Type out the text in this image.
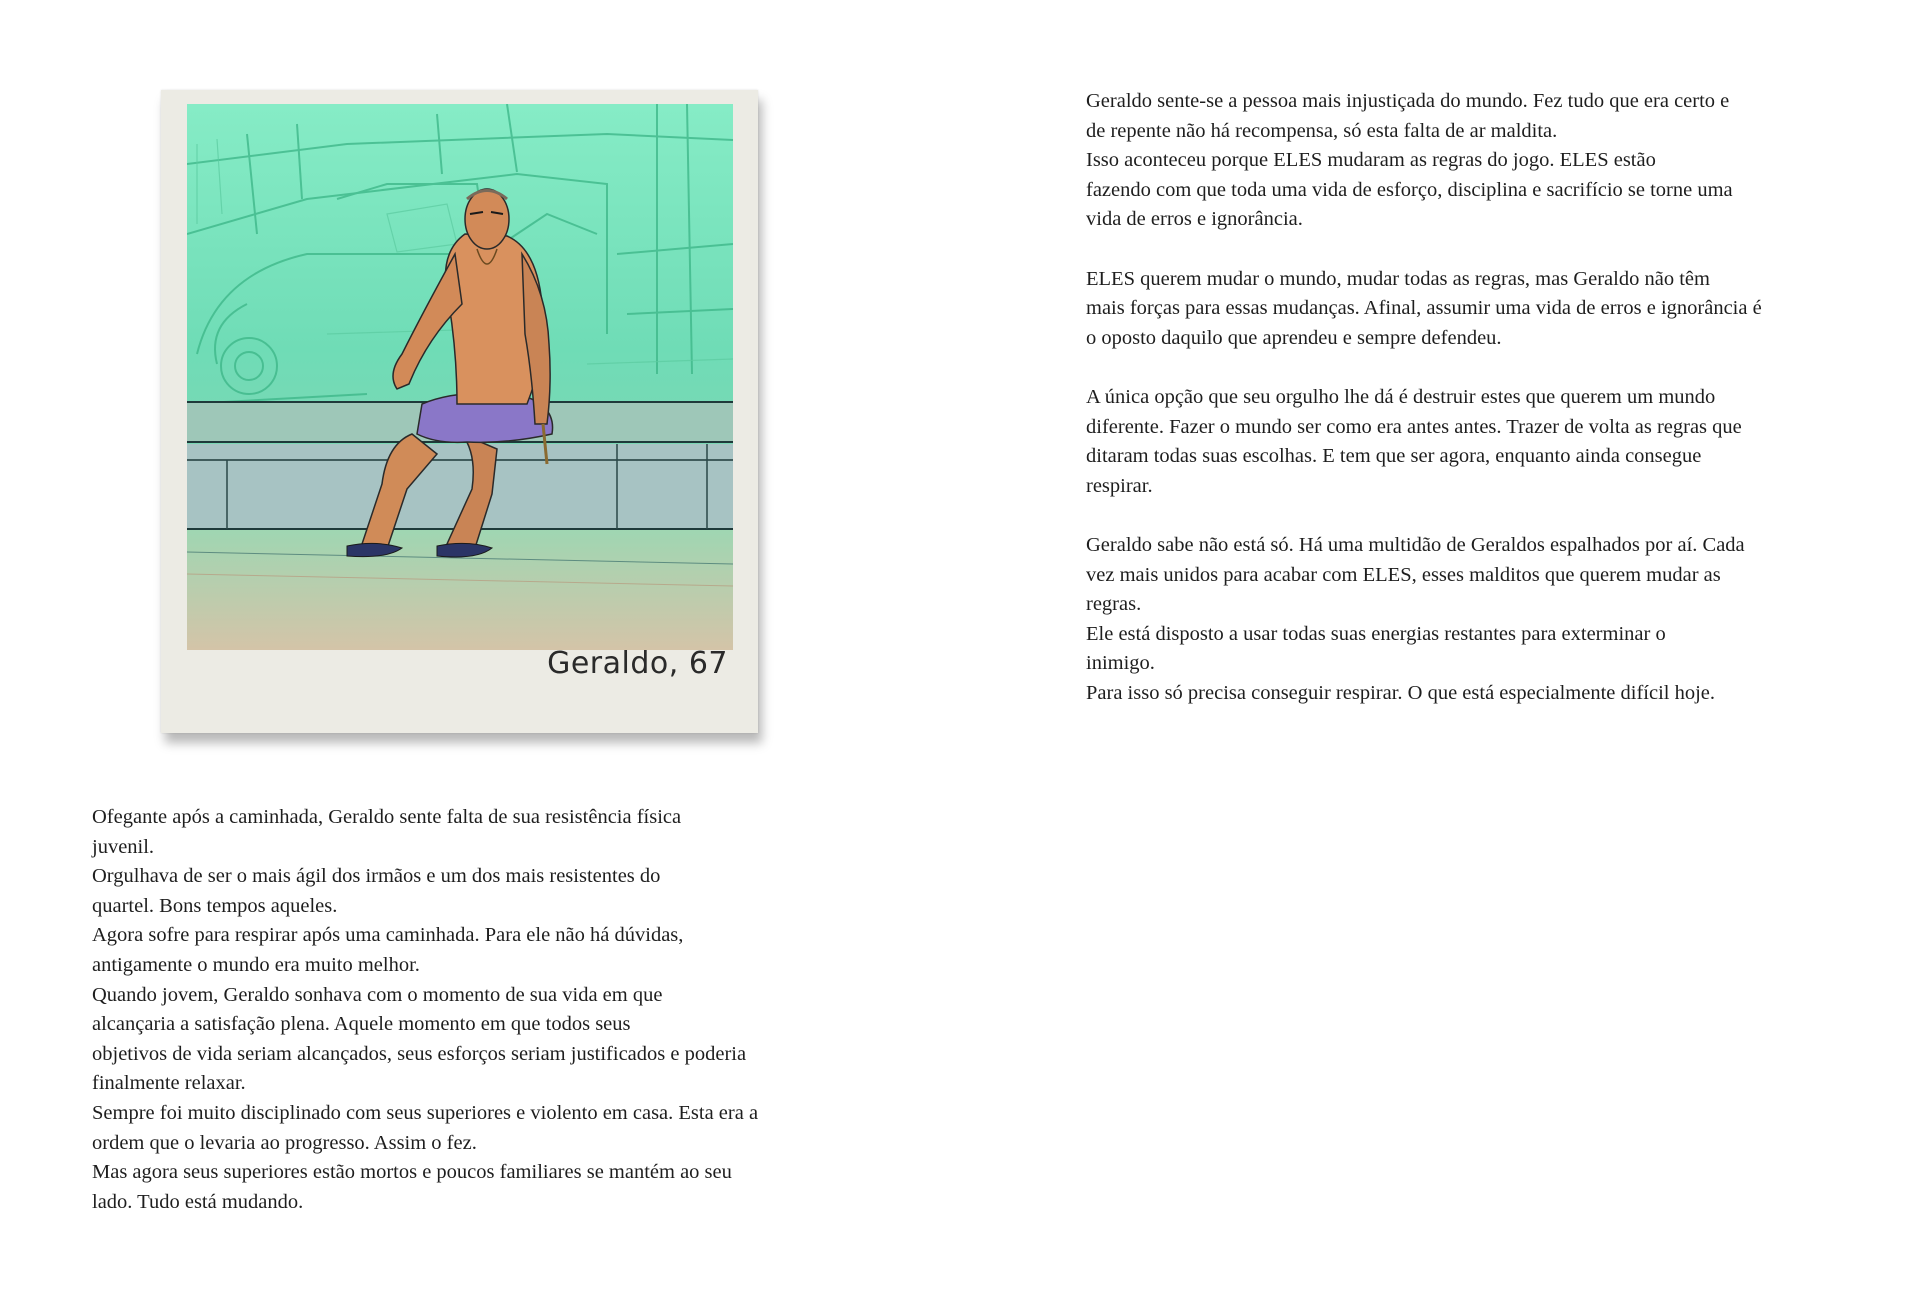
Geraldo, 67

Ofegante após a caminhada, Geraldo sente falta de sua resistência física

juvenil.

Orgulhava de ser o mais ágil dos irmãos e um dos mais resistentes do

quartel. Bons tempos aqueles.

Agora sofre para respirar após uma caminhada. Para ele não há dúvidas,

antigamente o mundo era muito melhor.

Quando jovem, Geraldo sonhava com o momento de sua vida em que

alcançaria a satisfação plena. Aquele momento em que todos seus

objetivos de vida seriam alcançados, seus esforços seriam justificados e poderia

finalmente relaxar.

Sempre foi muito disciplinado com seus superiores e violento em casa. Esta era a

ordem que o levaria ao progresso. Assim o fez.

Mas agora seus superiores estão mortos e poucos familiares se mantém ao seu

lado. Tudo está mudando.

Geraldo sente-se a pessoa mais injustiçada do mundo. Fez tudo que era certo e

de repente não há recompensa, só esta falta de ar maldita.

Isso aconteceu porque ELES mudaram as regras do jogo. ELES estão

fazendo com que toda uma vida de esforço, disciplina e sacrifício se torne uma

vida de erros e ignorância.

ELES querem mudar o mundo, mudar todas as regras, mas Geraldo não têm

mais forças para essas mudanças. Afinal, assumir uma vida de erros e ignorância é

o oposto daquilo que aprendeu e sempre defendeu.

A única opção que seu orgulho lhe dá é destruir estes que querem um mundo

diferente. Fazer o mundo ser como era antes antes. Trazer de volta as regras que

ditaram todas suas escolhas. E tem que ser agora, enquanto ainda consegue

respirar.

Geraldo sabe não está só. Há uma multidão de Geraldos espalhados por aí. Cada

vez mais unidos para acabar com ELES, esses malditos que querem mudar as

regras.

Ele está disposto a usar todas suas energias restantes para exterminar o

inimigo.

Para isso só precisa conseguir respirar. O que está especialmente difícil hoje.
